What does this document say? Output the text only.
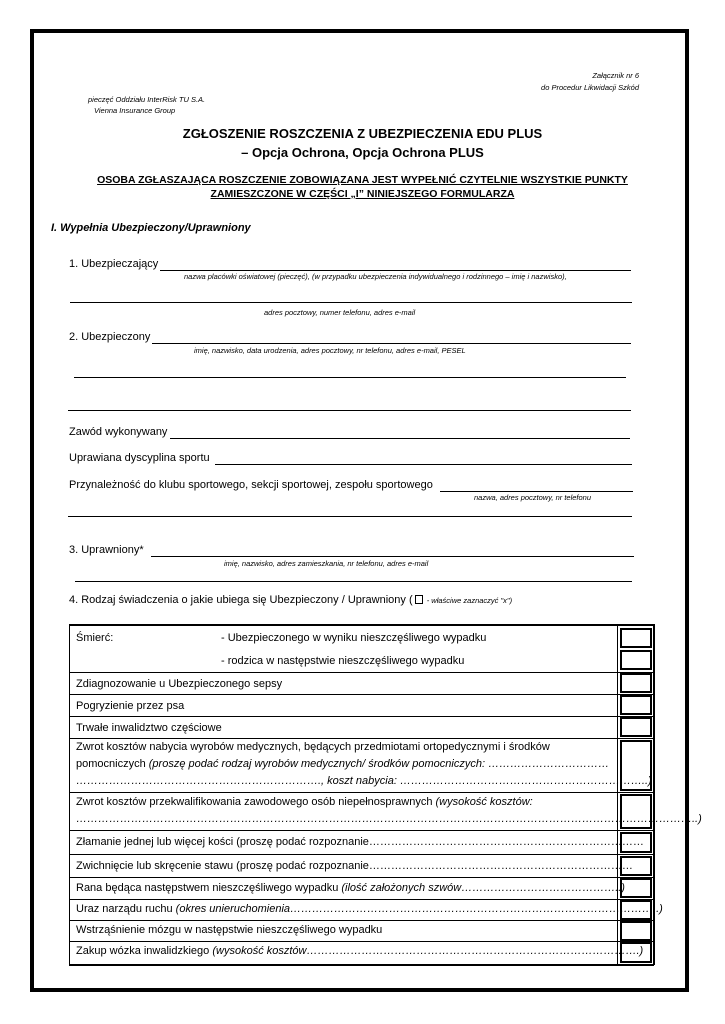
Załącznik nr 6
do Procedur Likwidacji Szkód
pieczęć Oddziału InterRisk TU S.A.
Vienna Insurance Group
ZGŁOSZENIE ROSZCZENIA Z UBEZPIECZENIA EDU PLUS
– Opcja Ochrona, Opcja Ochrona PLUS
OSOBA ZGŁASZAJĄCA ROSZCZENIE ZOBOWIĄZANA JEST WYPEŁNIĆ CZYTELNIE WSZYSTKIE PUNKTY
ZAMIESZCZONE W CZĘŚCI „I” NINIEJSZEGO FORMULARZA
I. Wypełnia Ubezpieczony/Uprawniony
1. Ubezpieczający
nazwa placówki oświatowej (pieczęć), (w przypadku ubezpieczenia indywidualnego i rodzinnego – imię i nazwisko),
adres pocztowy, numer telefonu, adres e-mail
2. Ubezpieczony
imię, nazwisko, data urodzenia, adres pocztowy, nr telefonu, adres e-mail, PESEL
Zawód wykonywany
Uprawiana dyscyplina sportu
Przynależność do klubu sportowego, sekcji sportowej, zespołu sportowego
nazwa, adres pocztowy, nr telefonu
3. Uprawniony*
imię, nazwisko, adres zamieszkania, nr telefonu, adres e-mail
4. Rodzaj świadczenia o jakie ubiega się Ubezpieczony / Uprawniony ( - właściwe zaznaczyć "x")
Śmierć:	- Ubezpieczonego w wyniku nieszczęśliwego wypadku
- rodzica w następstwie nieszczęśliwego wypadku
Zdiagnozowanie u Ubezpieczonego sepsy
Pogryzienie przez psa
Trwałe inwalidztwo częściowe
Zwrot kosztów nabycia wyrobów medycznych, będących przedmiotami ortopedycznymi i środków
pomocniczych (proszę podać rodzaj wyrobów medycznych/ środków pomocniczych: ……………………………
…………………………………………………………., koszt nabycia: …………………………………………………………..)
Zwrot kosztów przekwalifikowania zawodowego osób niepełnosprawnych (wysokość kosztów:
……………………………………………………………………………………………………………………………………………………..)
Złamanie jednej lub więcej kości (proszę podać rozpoznanie…………………………………………………………………
Zwichnięcie lub skręcenie stawu (proszę podać rozpoznanie………………………………………………………………
Rana będąca następstwem nieszczęśliwego wypadku (ilość założonych szwów……………………………………..)
Uraz narządu ruchu (okres unieruchomienia………………………………………………………………………………………..)
Wstrząśnienie mózgu w następstwie nieszczęśliwego wypadku
Zakup wózka inwalidzkiego (wysokość kosztów……………………………………………………………………………….)
